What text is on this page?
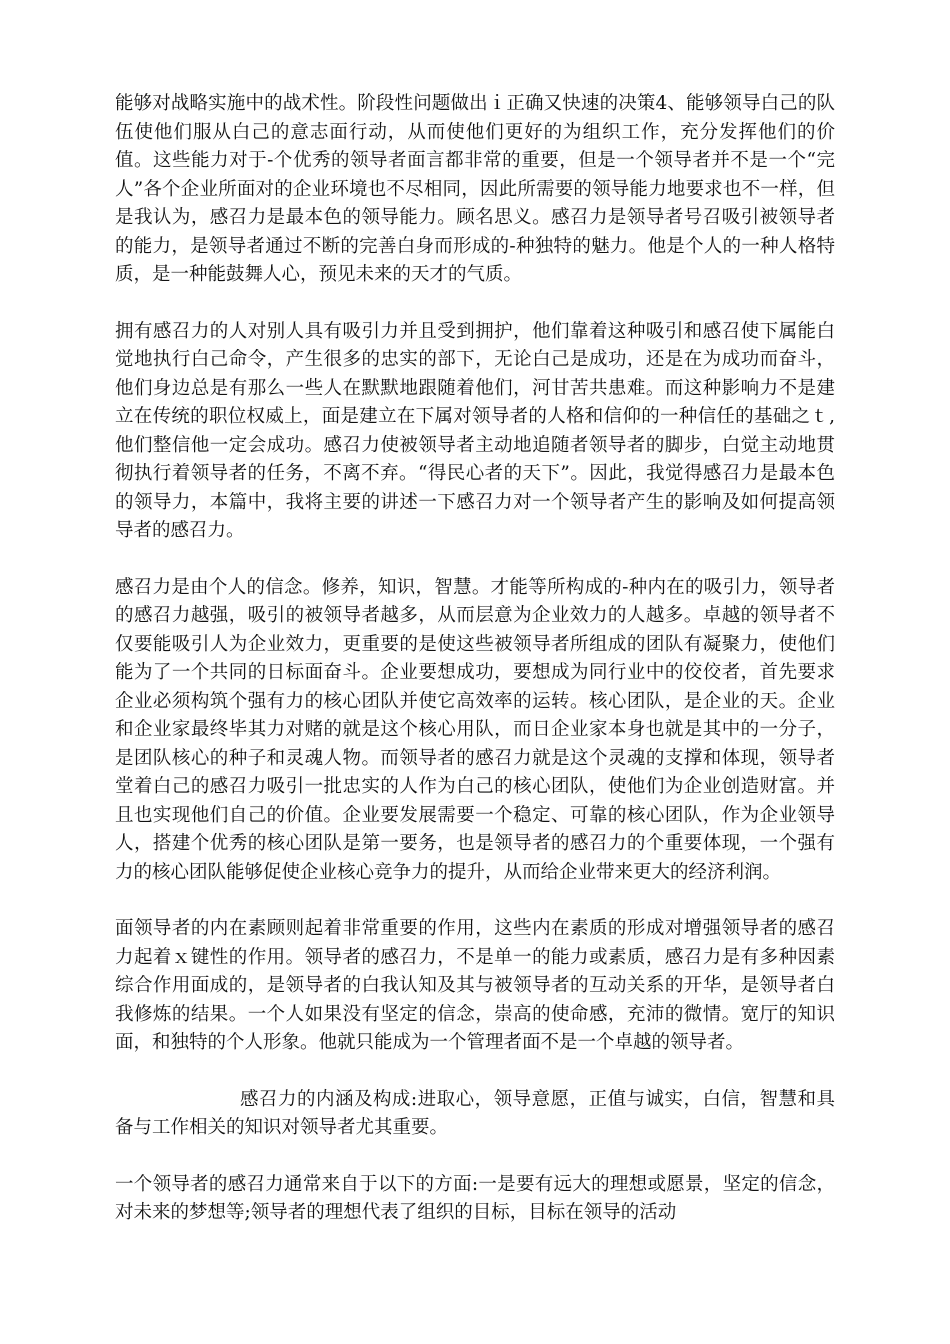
能够对战略实施中的战术性。阶段性问题做出ｉ正确又快速的决策4、能够领导白己的队伍使他们服从白己的意志面行动，从而使他们更好的为组织工作，充分发挥他们的价值。这些能力对于-个优秀的领导者面言都非常的重要，但是一个领导者并不是一个“完人”各个企业所面对的企业环境也不尽相同，因此所需要的领导能力地要求也不一样，但是我认为，感召力是最本色的领导能力。顾名思义。感召力是领导者号召吸引被领导者的能力，是领导者通过不断的完善白身而形成的-种独特的魅力。他是个人的一种人格特质，是一种能鼓舞人心，预见未来的天才的气质。

拥有感召力的人对别人具有吸引力并且受到拥护，他们靠着这种吸引和感召使下属能白觉地执行白己命令，产生很多的忠实的部下，无论白己是成功，还是在为成功而奋斗，他们身边总是有那么一些人在默默地跟随着他们，河甘苦共患难。而这种影响力不是建立在传统的职位权威上，面是建立在下属对领导者的人格和信仰的一种信任的基础之ｔ,他们整信他一定会成功。感召力使被领导者主动地追随者领导者的脚步，白觉主动地贯彻执行着领导者的任务，不离不弃。“得民心者的天下”。因此，我觉得感召力是最本色的领导力，本篇中，我将主要的讲述一下感召力对一个领导者产生的影响及如何提高领导者的感召力。

感召力是由个人的信念。修养，知识，智慧。才能等所构成的-种内在的吸引力，领导者的感召力越强，吸引的被领导者越多，从而层意为企业效力的人越多。卓越的领导者不仅要能吸引人为企业效力，更重要的是使这些被领导者所组成的团队有凝聚力，使他们能为了一个共同的日标面奋斗。企业要想成功，要想成为同行业中的佼佼者，首先要求企业必须构筑个强有力的核心团队并使它高效率的运转。核心团队，是企业的天。企业和企业家最终毕其力对赌的就是这个核心用队，而日企业家本身也就是其中的一分子，是团队核心的种子和灵魂人物。而领导者的感召力就是这个灵魂的支撑和体现，领导者堂着白己的感召力吸引一批忠实的人作为白己的核心团队，使他们为企业创造财富。并且也实现他们自己的价值。企业要发展需要一个稳定、可靠的核心团队，作为企业领导人，搭建个优秀的核心团队是第一要务，也是领导者的感召力的个重要体现，一个强有力的核心团队能够促使企业核心竞争力的提升，从而给企业带来更大的经济利润。

面领导者的内在素顾则起着非常重要的作用，这些内在素质的形成对增强领导者的感召力起着ｘ键性的作用。领导者的感召力，不是单一的能力或素质，感召力是有多种因素综合作用面成的，是领导者的白我认知及其与被领导者的互动关系的开华，是领导者白我修炼的结果。一个人如果没有坚定的信念，崇高的使命感，充沛的微情。宽厅的知识面，和独特的个人形象。他就只能成为一个管理者面不是一个卓越的领导者。

感召力的内涵及构成:进取心，领导意愿，正值与诚实，白信，智慧和具备与工作相关的知识对领导者尤其重要。

一个领导者的感召力通常来自于以下的方面:一是要有远大的理想或愿景，坚定的信念，对未来的梦想等;领导者的理想代表了组织的目标，目标在领导的活动
